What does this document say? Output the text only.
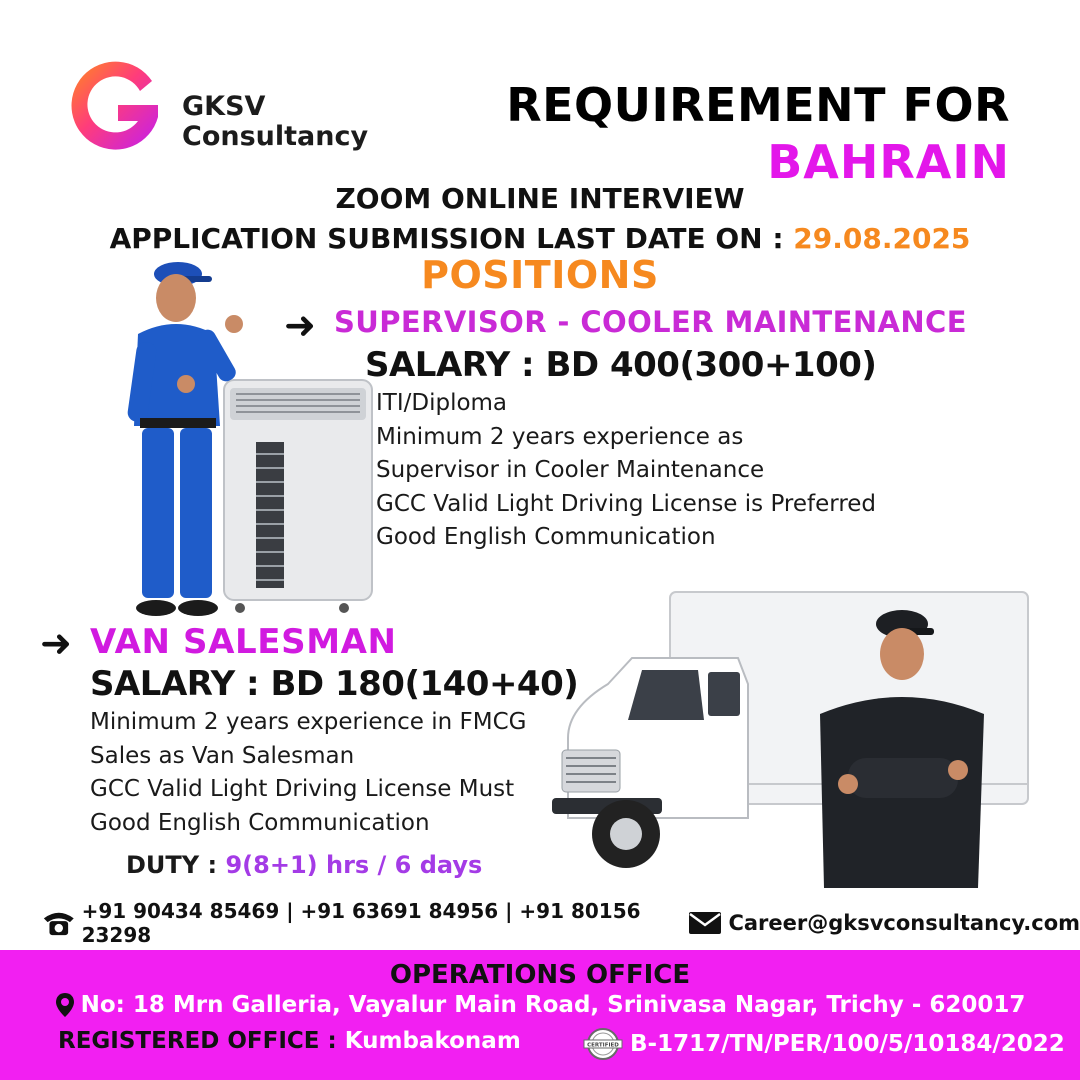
GKSV
Consultancy
REQUIREMENT FOR
BAHRAIN
ZOOM ONLINE INTERVIEW
APPLICATION SUBMISSION LAST DATE ON : 29.08.2025
POSITIONS
➜ SUPERVISOR - COOLER MAINTENANCE
SALARY : BD 400(300+100)
ITI/Diploma
Minimum 2 years experience as
Supervisor in Cooler Maintenance
GCC Valid Light Driving License is Preferred
Good English Communication
➜ VAN SALESMAN
SALARY : BD 180(140+40)
Minimum 2 years experience in FMCG
Sales as Van Salesman
GCC Valid Light Driving License Must
Good English Communication
DUTY : 9(8+1) hrs / 6 days
+91 90434 85469 | +91 63691 84956 | +91 80156 23298	Career@gksvconsultancy.com
OPERATIONS OFFICE
No: 18 Mrn Galleria, Vayalur Main Road, Srinivasa Nagar, Trichy - 620017
REGISTERED OFFICE : Kumbakonam	CERTIFIED B-1717/TN/PER/100/5/10184/2022
